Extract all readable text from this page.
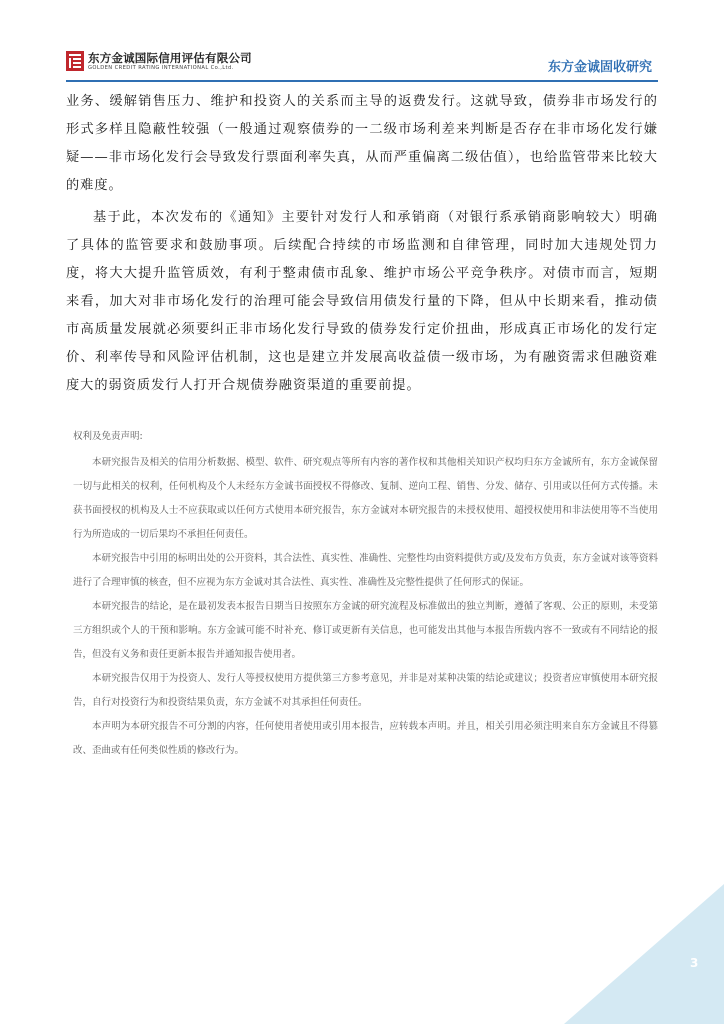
东方金诚国际信用评估有限公司
GOLDEN CREDIT RATING INTERNATIONAL Co.,Ltd.	东方金诚固收研究

业务、缓解销售压力、维护和投资人的关系而主导的返费发行。这就导致，债券非市场发行的形式多样且隐蔽性较强（一般通过观察债券的一二级市场利差来判断是否存在非市场化发行嫌疑——非市场化发行会导致发行票面利率失真，从而严重偏离二级估值），也给监管带来比较大的难度。

基于此，本次发布的《通知》主要针对发行人和承销商（对银行系承销商影响较大）明确了具体的监管要求和鼓励事项。后续配合持续的市场监测和自律管理，同时加大违规处罚力度，将大大提升监管质效，有利于整肃债市乱象、维护市场公平竞争秩序。对债市而言，短期来看，加大对非市场化发行的治理可能会导致信用债发行量的下降，但从中长期来看，推动债市高质量发展就必须要纠正非市场化发行导致的债券发行定价扭曲，形成真正市场化的发行定价、利率传导和风险评估机制，这也是建立并发展高收益债一级市场，为有融资需求但融资难度大的弱资质发行人打开合规债券融资渠道的重要前提。

权利及免责声明:

本研究报告及相关的信用分析数据、模型、软件、研究观点等所有内容的著作权和其他相关知识产权均归东方金诚所有，东方金诚保留一切与此相关的权利，任何机构及个人未经东方金诚书面授权不得修改、复制、逆向工程、销售、分发、储存、引用或以任何方式传播。未获书面授权的机构及人士不应获取或以任何方式使用本研究报告，东方金诚对本研究报告的未授权使用、超授权使用和非法使用等不当使用行为所造成的一切后果均不承担任何责任。

本研究报告中引用的标明出处的公开资料，其合法性、真实性、准确性、完整性均由资料提供方或/及发布方负责，东方金诚对该等资料进行了合理审慎的核查，但不应视为东方金诚对其合法性、真实性、准确性及完整性提供了任何形式的保证。

本研究报告的结论，是在最初发表本报告日期当日按照东方金诚的研究流程及标准做出的独立判断，遵循了客观、公正的原则，未受第三方组织或个人的干预和影响。东方金诚可能不时补充、修订或更新有关信息，也可能发出其他与本报告所载内容不一致或有不同结论的报告，但没有义务和责任更新本报告并通知报告使用者。

本研究报告仅用于为投资人、发行人等授权使用方提供第三方参考意见，并非是对某种决策的结论或建议；投资者应审慎使用本研究报告，自行对投资行为和投资结果负责，东方金诚不对其承担任何责任。

本声明为本研究报告不可分割的内容，任何使用者使用或引用本报告，应转载本声明。并且，相关引用必须注明来自东方金诚且不得篡改、歪曲或有任何类似性质的修改行为。

3
